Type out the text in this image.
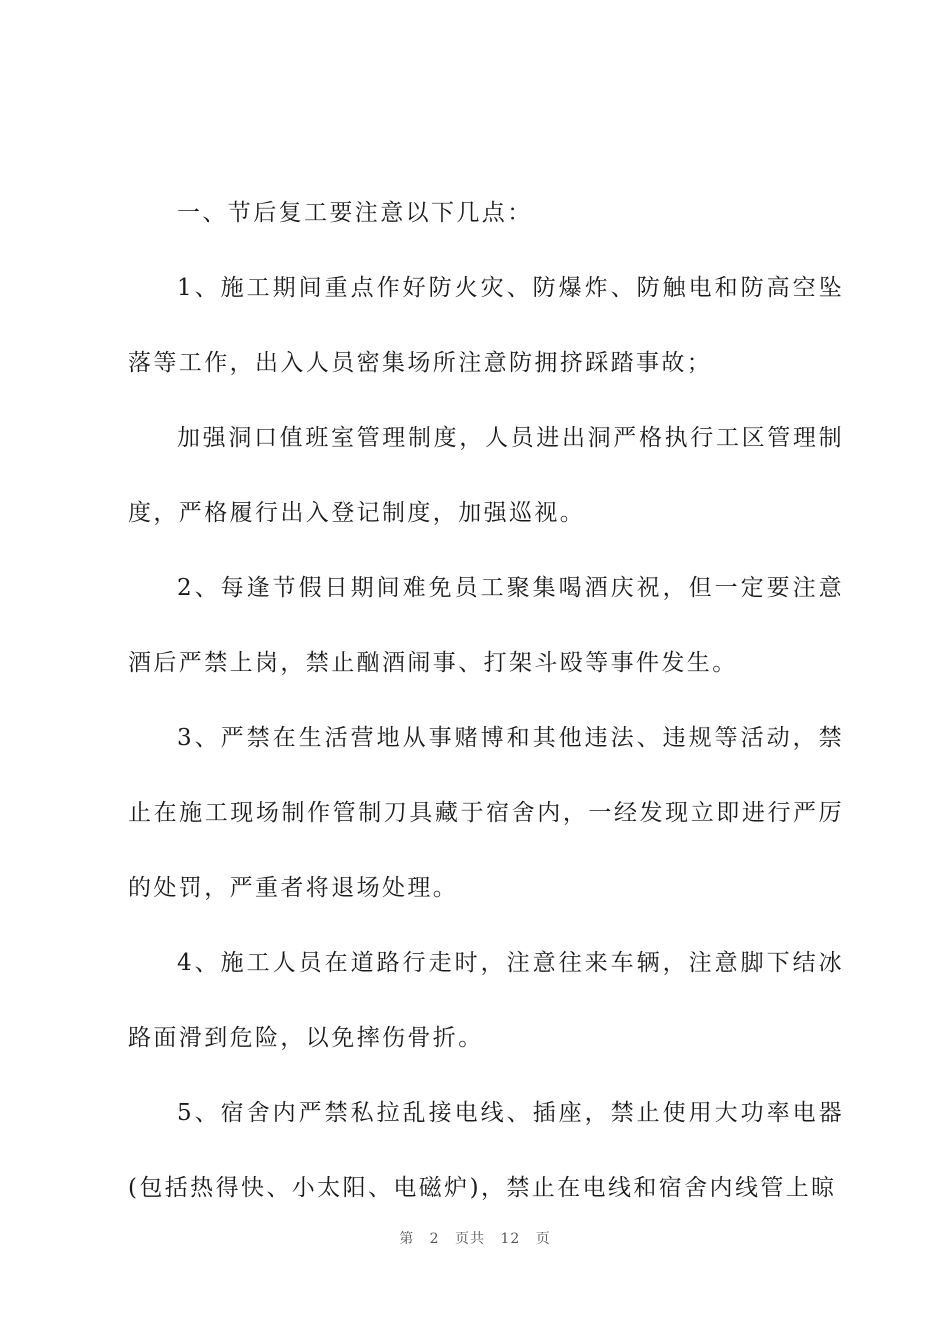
一、节后复工要注意以下几点：

1、施工期间重点作好防火灾、防爆炸、防触电和防高空坠落等工作，出入人员密集场所注意防拥挤踩踏事故；

加强洞口值班室管理制度，人员进出洞严格执行工区管理制度，严格履行出入登记制度，加强巡视。

2、每逢节假日期间难免员工聚集喝酒庆祝，但一定要注意酒后严禁上岗，禁止酗酒闹事、打架斗殴等事件发生。

3、严禁在生活营地从事赌博和其他违法、违规等活动，禁止在施工现场制作管制刀具藏于宿舍内，一经发现立即进行严厉的处罚，严重者将退场处理。

4、施工人员在道路行走时，注意往来车辆，注意脚下结冰路面滑到危险，以免摔伤骨折。

5、宿舍内严禁私拉乱接电线、插座，禁止使用大功率电器(包括热得快、小太阳、电磁炉)，禁止在电线和宿舍内线管上晾

第 2 页共 12 页
